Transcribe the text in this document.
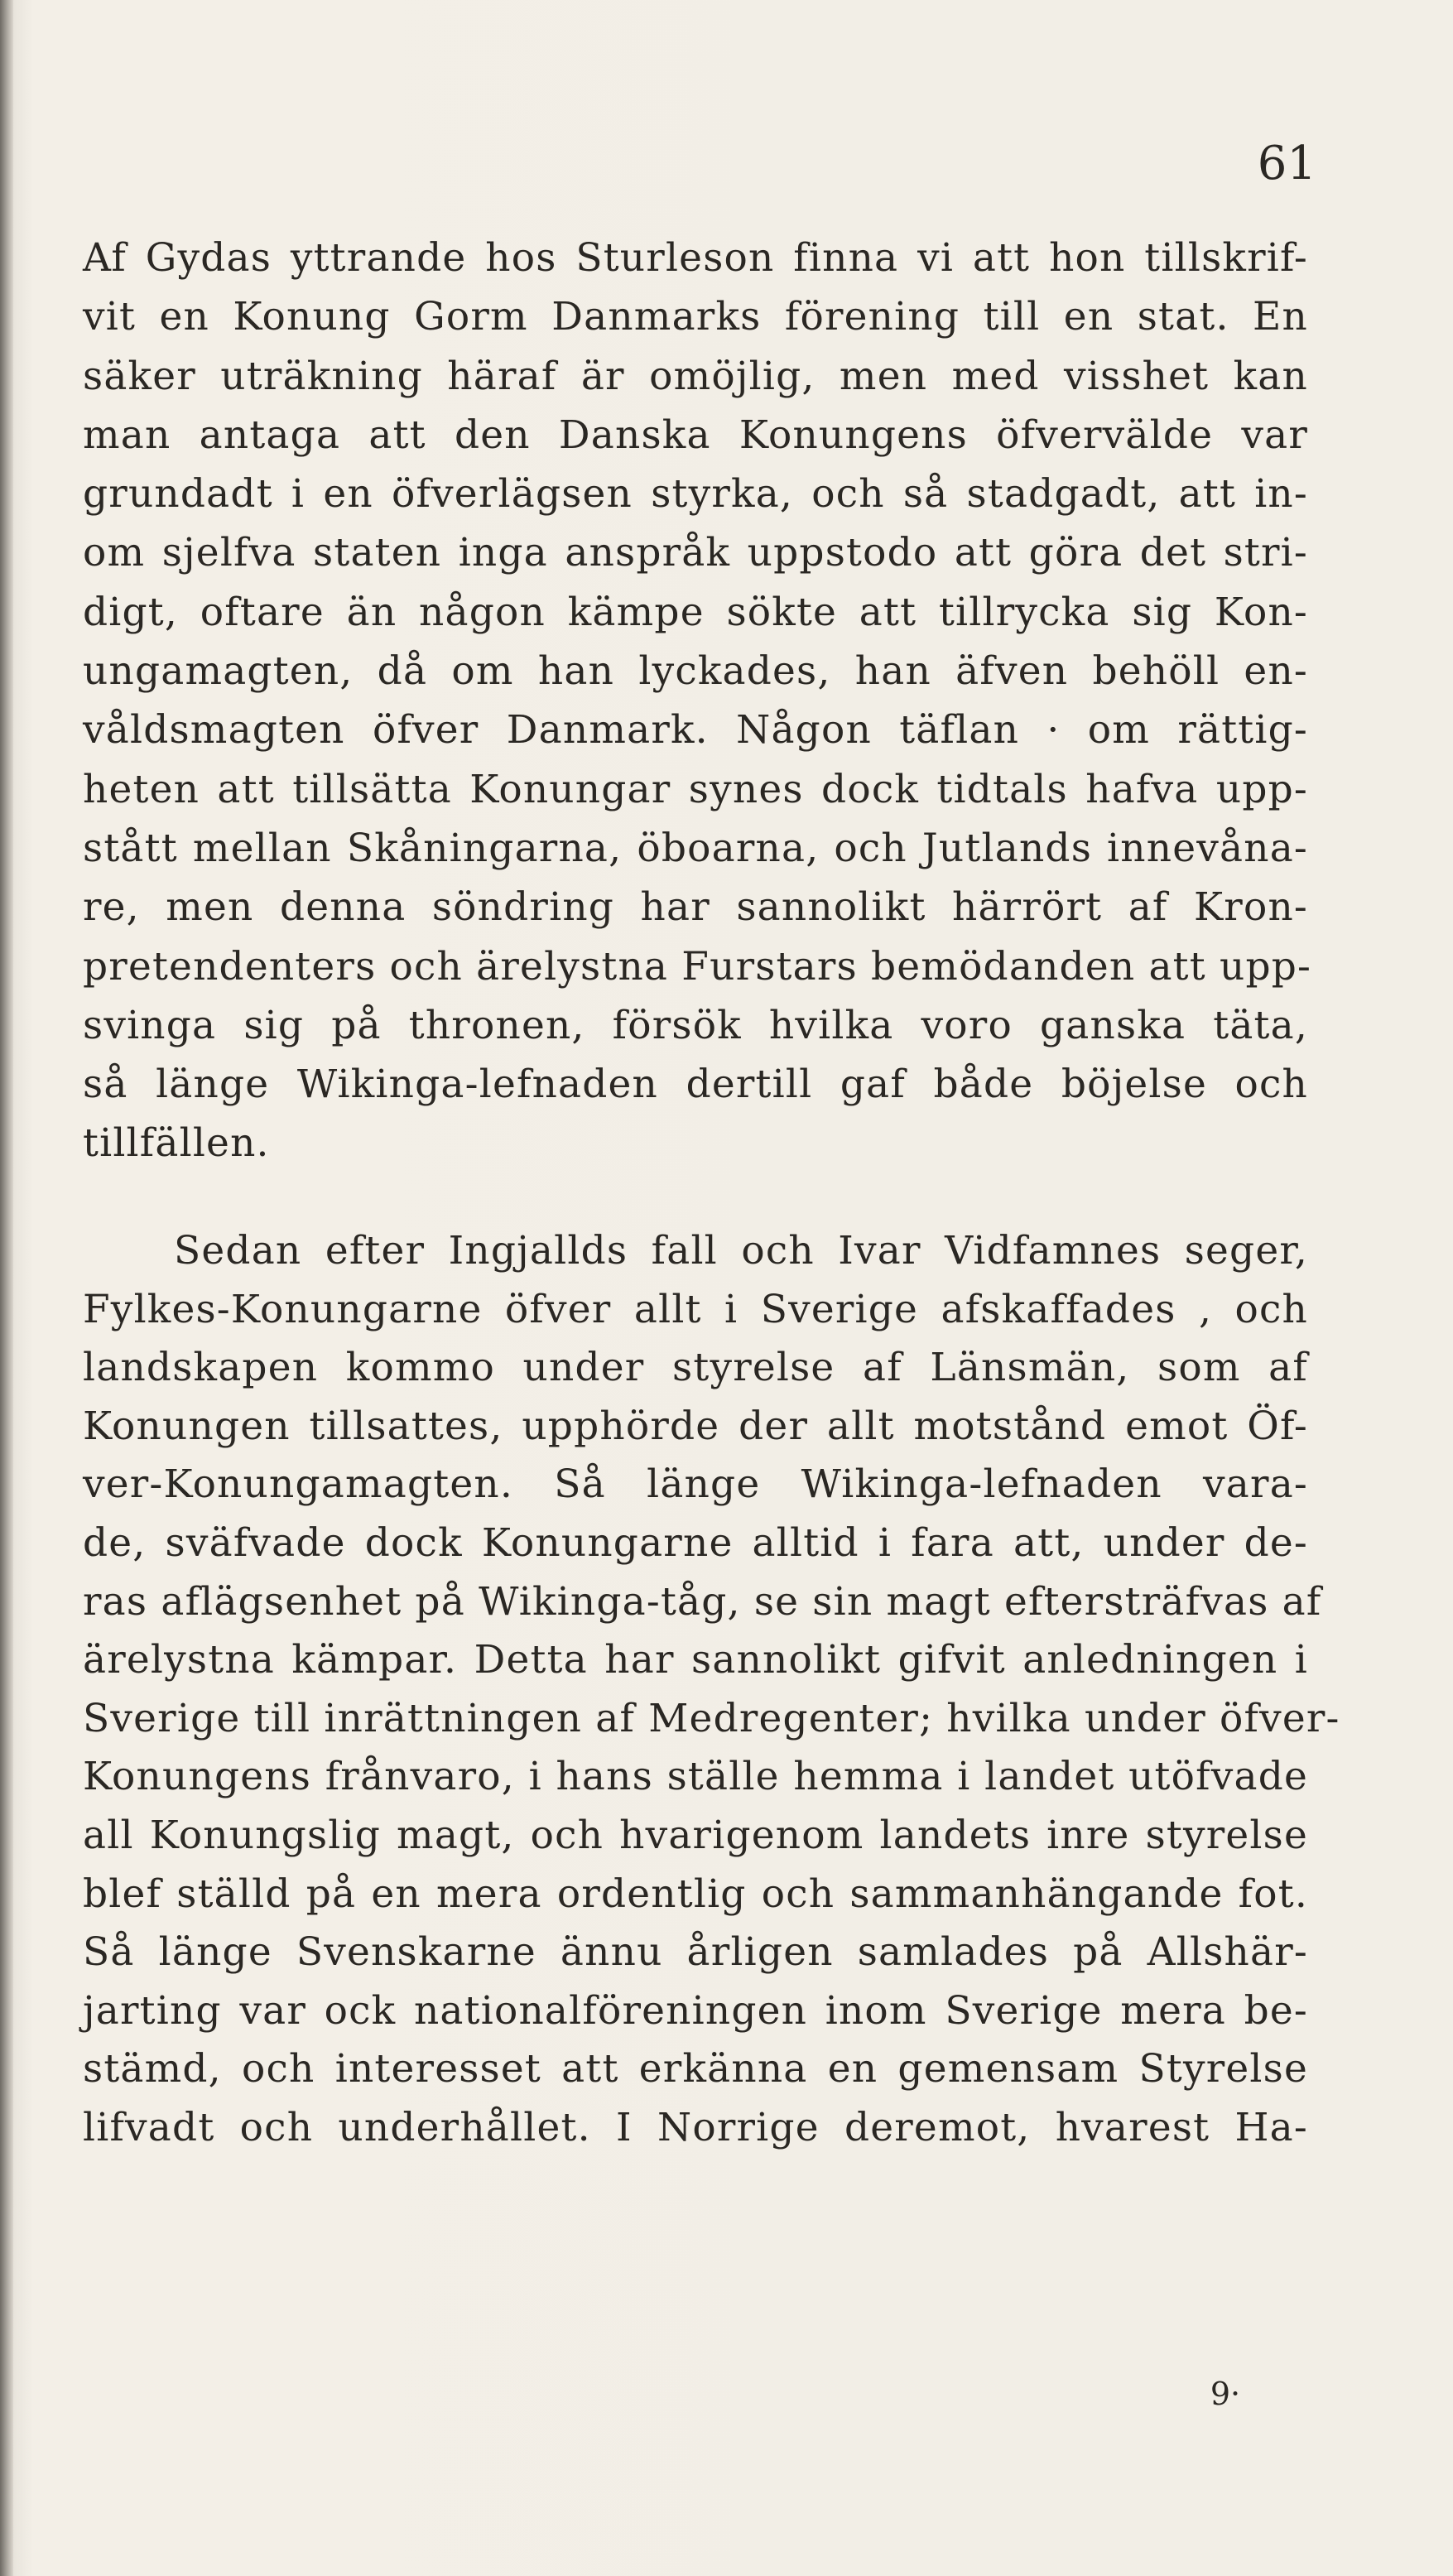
61
Af Gydas yttrande hos Sturleson finna vi att hon tillskrif-
vit en Konung Gorm Danmarks förening till en stat. En
säker uträkning häraf är omöjlig, men med visshet kan
man antaga att den Danska Konungens öfvervälde var
grundadt i en öfverlägsen styrka, och så stadgadt, att in-
om sjelfva staten inga anspråk uppstodo att göra det stri-
digt, oftare än någon kämpe sökte att tillrycka sig Kon-
ungamagten, då om han lyckades, han äfven behöll en-
våldsmagten öfver Danmark. Någon täflan · om rättig-
heten att tillsätta Konungar synes dock tidtals hafva upp-
stått mellan Skåningarna, öboarna, och Jutlands innevåna-
re, men denna söndring har sannolikt härrört af Kron-
pretendenters och ärelystna Furstars bemödanden att upp-
svinga sig på thronen, försök hvilka voro ganska täta,
så länge Wikinga-lefnaden dertill gaf både böjelse och
tillfällen.
Sedan efter Ingjallds fall och Ivar Vidfamnes seger,
Fylkes-Konungarne öfver allt i Sverige afskaffades , och
landskapen kommo under styrelse af Länsmän, som af
Konungen tillsattes, upphörde der allt motstånd emot Öf-
ver-Konungamagten. Så länge Wikinga-lefnaden vara-
de, sväfvade dock Konungarne alltid i fara att, under de-
ras aflägsenhet på Wikinga-tåg, se sin magt eftersträfvas af
ärelystna kämpar. Detta har sannolikt gifvit anledningen i
Sverige till inrättningen af Medregenter; hvilka under öfver-
Konungens frånvaro, i hans ställe hemma i landet utöfvade
all Konungslig magt, och hvarigenom landets inre styrelse
blef ställd på en mera ordentlig och sammanhängande fot.
Så länge Svenskarne ännu årligen samlades på Allshär-
jarting var ock nationalföreningen inom Sverige mera be-
stämd, och interesset att erkänna en gemensam Styrelse
lifvadt och underhållet. I Norrige deremot, hvarest Ha-
9·
